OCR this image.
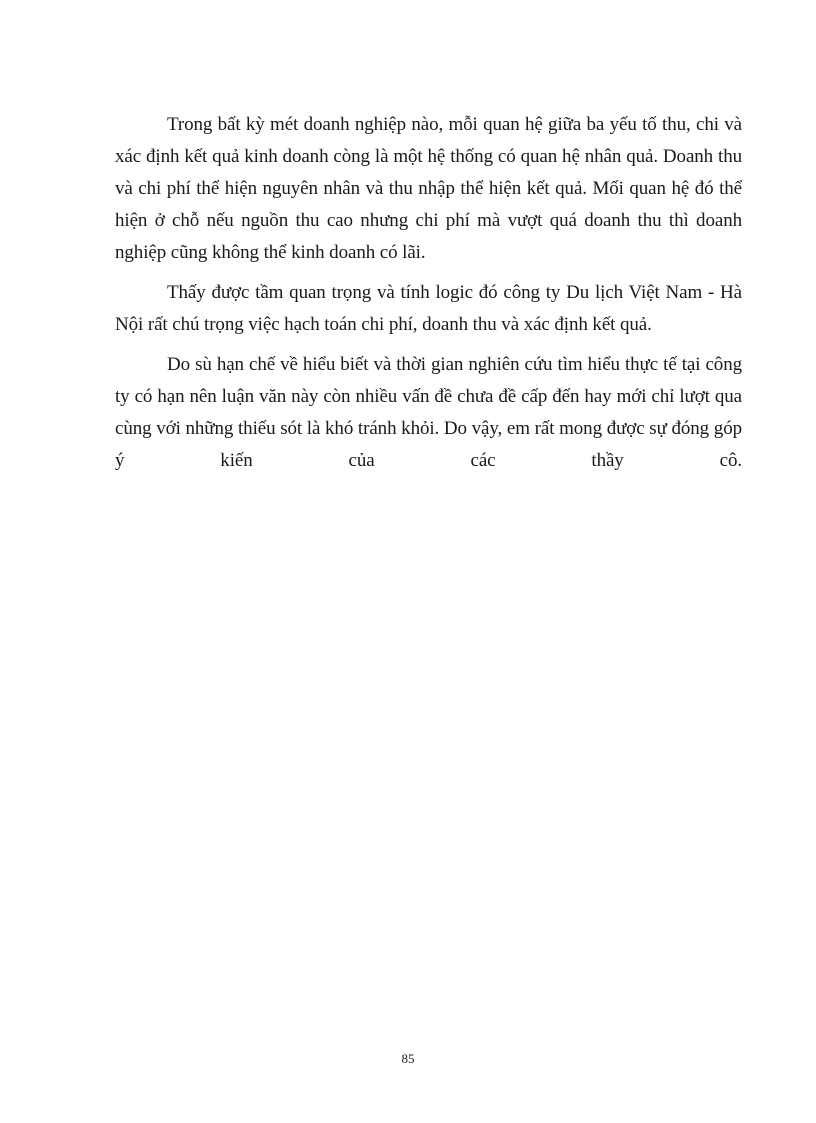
Trong bất kỳ mét doanh nghiệp nào, mỗi quan hệ giữa ba yếu tố thu, chi và xác định kết quả kinh doanh còng là một hệ thống có quan hệ nhân quả. Doanh thu và chi phí thể hiện nguyên nhân và thu nhập thể hiện kết quả. Mối quan hệ đó thể hiện ở chỗ nếu nguồn thu cao nhưng chi phí mà vượt quá doanh thu thì doanh nghiệp cũng không thể kinh doanh có lãi.

Thấy được tầm quan trọng và tính logic đó công ty Du lịch Việt Nam - Hà Nội rất chú trọng việc hạch toán chi phí, doanh thu và xác định kết quả.

Do sù hạn chế về hiểu biết và thời gian nghiên cứu tìm hiểu thực tế tại công ty có hạn nên luận văn này còn nhiều vấn đề chưa đề cấp đến hay mới chỉ lượt qua cùng với những thiếu sót là khó tránh khỏi. Do vậy, em rất mong được sự đóng góp ý kiến của các thầy cô.

85
